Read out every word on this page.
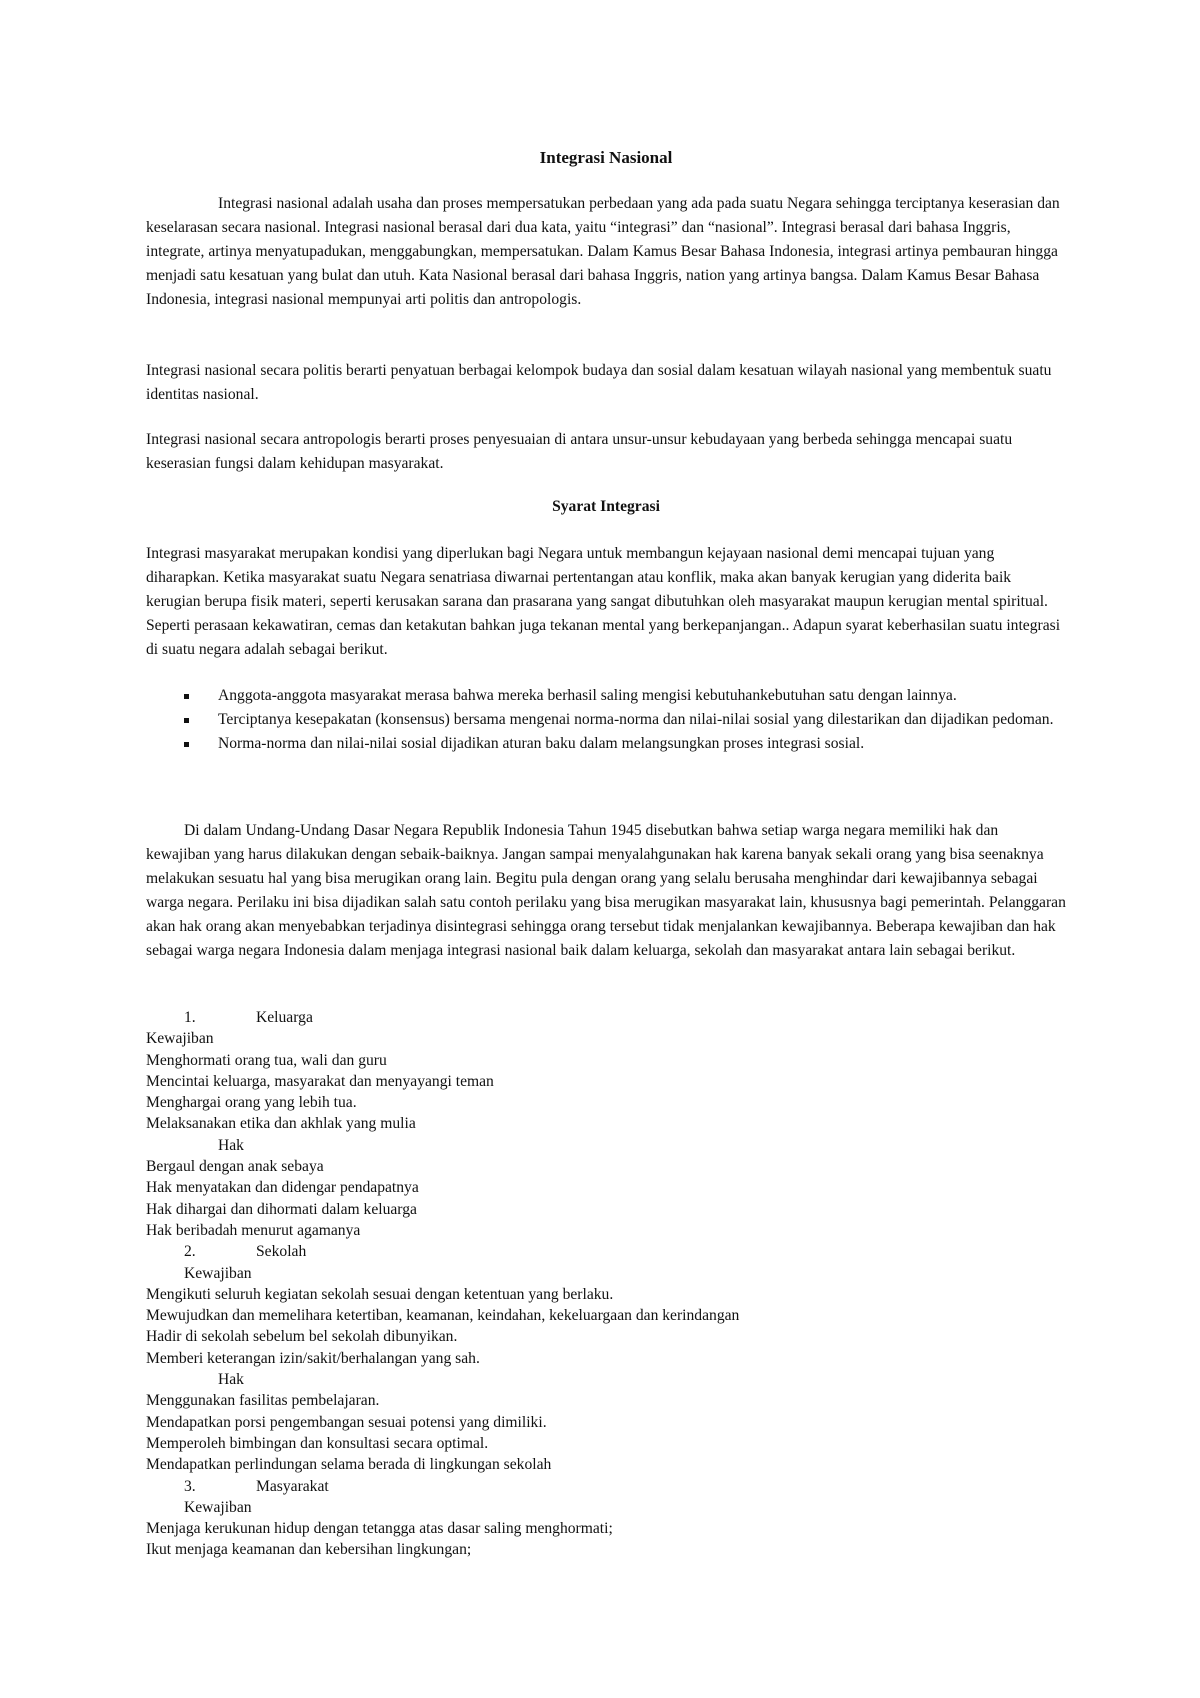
Integrasi Nasional

Integrasi nasional adalah usaha dan proses mempersatukan perbedaan yang ada pada suatu Negara sehingga terciptanya keserasian dan keselarasan secara nasional. Integrasi nasional berasal dari dua kata, yaitu “integrasi” dan “nasional”. Integrasi berasal dari bahasa Inggris, integrate, artinya menyatupadukan, menggabungkan, mempersatukan. Dalam Kamus Besar Bahasa Indonesia, integrasi artinya pembauran hingga menjadi satu kesatuan yang bulat dan utuh. Kata Nasional berasal dari bahasa Inggris, nation yang artinya bangsa. Dalam Kamus Besar Bahasa Indonesia, integrasi nasional mempunyai arti politis dan antropologis.

Integrasi nasional secara politis berarti penyatuan berbagai kelompok budaya dan sosial dalam kesatuan wilayah nasional yang membentuk suatu identitas nasional.

Integrasi nasional secara antropologis berarti proses penyesuaian di antara unsur-unsur kebudayaan yang berbeda sehingga mencapai suatu keserasian fungsi dalam kehidupan masyarakat.

Syarat Integrasi

Integrasi masyarakat merupakan kondisi yang diperlukan bagi Negara untuk membangun kejayaan nasional demi mencapai tujuan yang diharapkan. Ketika masyarakat suatu Negara senatriasa diwarnai pertentangan atau konflik, maka akan banyak kerugian yang diderita baik kerugian berupa fisik materi, seperti kerusakan sarana dan prasarana yang sangat dibutuhkan oleh masyarakat maupun kerugian mental spiritual. Seperti perasaan kekawatiran, cemas dan ketakutan bahkan juga tekanan mental yang berkepanjangan.. Adapun syarat keberhasilan suatu integrasi di suatu negara adalah sebagai berikut.

Anggota-anggota masyarakat merasa bahwa mereka berhasil saling mengisi kebutuhankebutuhan satu dengan lainnya.
Terciptanya kesepakatan (konsensus) bersama mengenai norma-norma dan nilai-nilai sosial yang dilestarikan dan dijadikan pedoman.
Norma-norma dan nilai-nilai sosial dijadikan aturan baku dalam melangsungkan proses integrasi sosial.

Di dalam Undang-Undang Dasar Negara Republik Indonesia Tahun 1945 disebutkan bahwa setiap warga negara memiliki hak dan kewajiban yang harus dilakukan dengan sebaik-baiknya. Jangan sampai menyalahgunakan hak karena banyak sekali orang yang bisa seenaknya melakukan sesuatu hal yang bisa merugikan orang lain. Begitu pula dengan orang yang selalu berusaha menghindar dari kewajibannya sebagai warga negara. Perilaku ini bisa dijadikan salah satu contoh perilaku yang bisa merugikan masyarakat lain, khususnya bagi pemerintah. Pelanggaran akan hak orang akan menyebabkan terjadinya disintegrasi sehingga orang tersebut tidak menjalankan kewajibannya. Beberapa kewajiban dan hak sebagai warga negara Indonesia dalam menjaga integrasi nasional baik dalam keluarga, sekolah dan masyarakat antara lain sebagai berikut.

1.	Keluarga

Kewajiban

Menghormati orang tua, wali dan guru

Mencintai keluarga, masyarakat dan menyayangi teman

Menghargai orang yang lebih tua.

Melaksanakan etika dan akhlak yang mulia

Hak

Bergaul dengan anak sebaya

Hak menyatakan dan didengar pendapatnya

Hak dihargai dan dihormati dalam keluarga

Hak beribadah menurut agamanya

2.	Sekolah

Kewajiban

Mengikuti seluruh kegiatan sekolah sesuai dengan ketentuan yang berlaku.

Mewujudkan dan memelihara ketertiban, keamanan, keindahan, kekeluargaan dan kerindangan

Hadir di sekolah sebelum bel sekolah dibunyikan.

Memberi keterangan izin/sakit/berhalangan yang sah.

Hak

Menggunakan fasilitas pembelajaran.

Mendapatkan porsi pengembangan sesuai potensi yang dimiliki.

Memperoleh bimbingan dan konsultasi secara optimal.

Mendapatkan perlindungan selama berada di lingkungan sekolah

3.	Masyarakat

Kewajiban

Menjaga kerukunan hidup dengan tetangga atas dasar saling menghormati;

Ikut menjaga keamanan dan kebersihan lingkungan;
